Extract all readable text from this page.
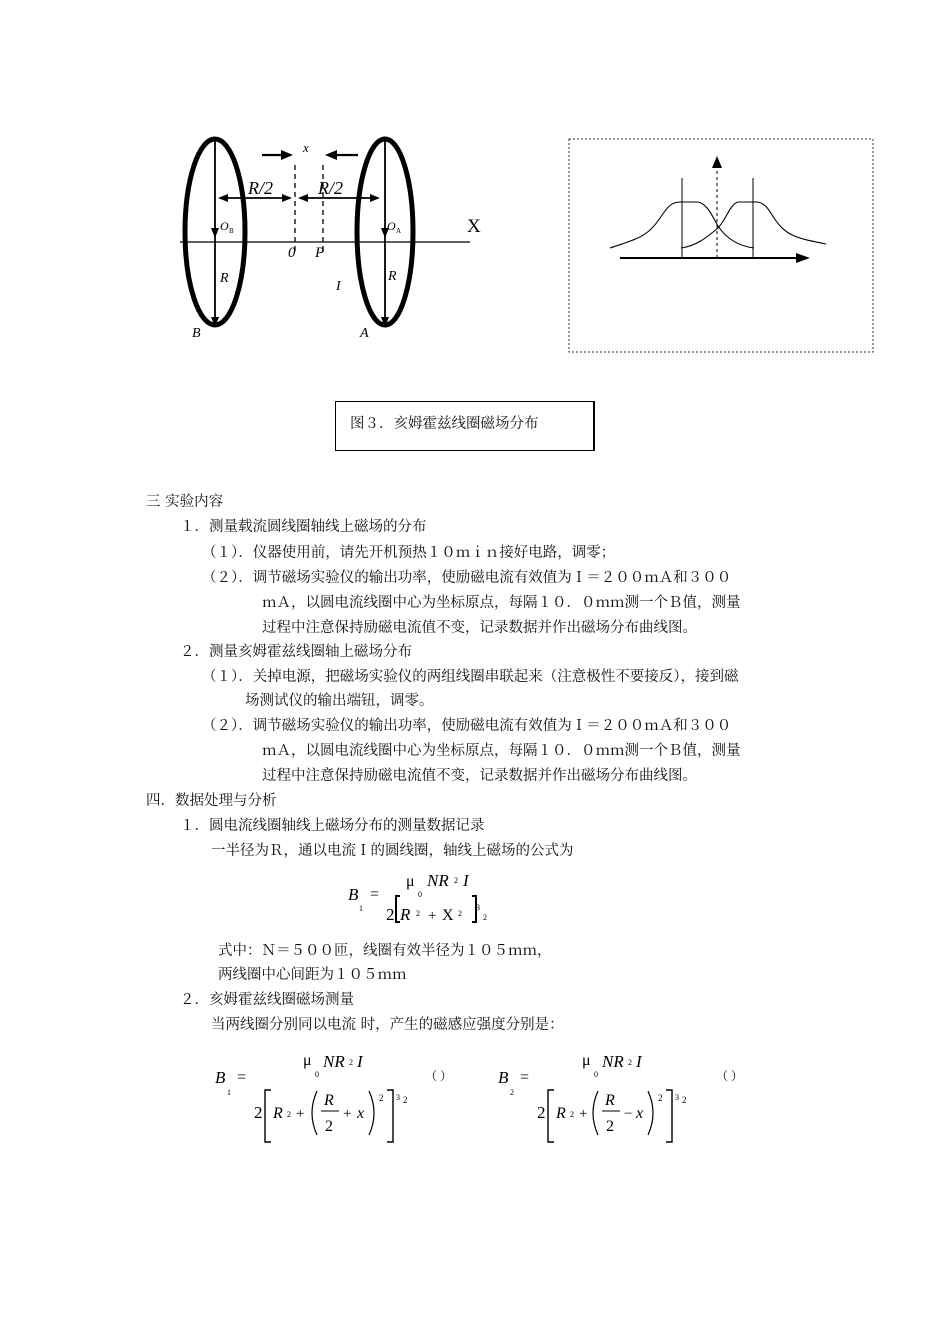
x
R/2	R/2
O B	O A
0 P
X
R	R
I
B	A
图３．亥姆霍兹线圈磁场分布
三 实验内容
１．测量载流圆线圈轴线上磁场的分布
（１）．仪器使用前，请先开机预热１０ｍｉｎ接好电路，调零；
（２）．调节磁场实验仪的输出功率，使励磁电流有效值为Ｉ＝２００ｍＡ和３００
ｍＡ，以圆电流线圈中心为坐标原点，每隔１０．０ｍｍ测一个Ｂ值，测量
过程中注意保持励磁电流值不变，记录数据并作出磁场分布曲线图。
２．测量亥姆霍兹线圈轴上磁场分布
（１）．关掉电源，把磁场实验仪的两组线圈串联起来（注意极性不要接反），接到磁
场测试仪的输出端钮，调零。
（２）．调节磁场实验仪的输出功率，使励磁电流有效值为Ｉ＝２００ｍＡ和３００
ｍＡ，以圆电流线圈中心为坐标原点，每隔１０．０ｍｍ测一个Ｂ值，测量
过程中注意保持励磁电流值不变，记录数据并作出磁场分布曲线图。
四．数据处理与分析
１．圆电流线圈轴线上磁场分布的测量数据记录
一半径为Ｒ，通以电流Ｉ的圆线圈，轴线上磁场的公式为
B
1
=
μ
0
NR 2 I
2 R 2 + X 2
3
2
式中：Ｎ＝５００匝，线圈有效半径为１０５ｍｍ，
两线圈中心间距为１０５ｍｍ
２．亥姆霍兹线圈磁场测量
当两线圈分别同以电流 时，产生的磁感应强度分别是：
B
1
=
μ
0
NR 2 I
2 R 2 +
R
2
+ x
2 3 2
（ ）	B
2
=
μ
0
NR 2 I
2 R 2 +
R
2
− x
2 3 2
（ ）
